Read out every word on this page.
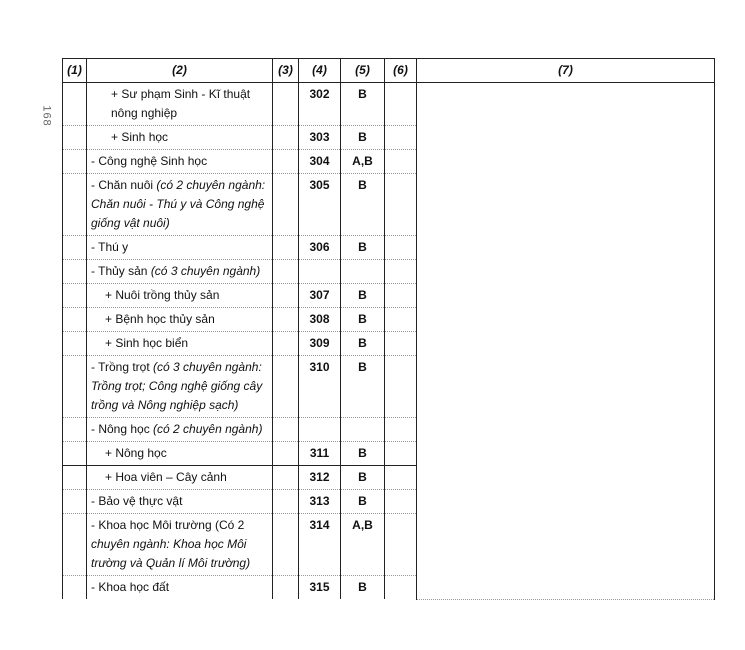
168
(1)	(2)	(3)	(4)	(5)	(6)	(7)
	+ Sư phạm Sinh - Kĩ thuật nông nghiệp		302	B		
	+ Sinh học		303	B		
	- Công nghệ Sinh học		304	A,B		
	- Chăn nuôi (có 2 chuyên ngành: Chăn nuôi - Thú y và Công nghệ giống vật nuôi)		305	B		
	- Thú y		306	B		
	- Thủy sản (có 3 chuyên ngành)					
	+ Nuôi trồng thủy sản		307	B		
	+ Bệnh học thủy sản		308	B		
	+ Sinh học biển		309	B		
	- Trồng trọt (có 3 chuyên ngành: Trồng trọt; Công nghệ giống cây trồng và Nông nghiệp sạch)		310	B		
	- Nông học (có 2 chuyên ngành)					
	+ Nông học		311	B		
	+ Hoa viên – Cây cảnh		312	B		
	- Bảo vệ thực vật		313	B		
	- Khoa học Môi trường (Có 2 chuyên ngành: Khoa học Môi trường và Quản lí Môi trường)		314	A,B		
	- Khoa học đất		315	B		
